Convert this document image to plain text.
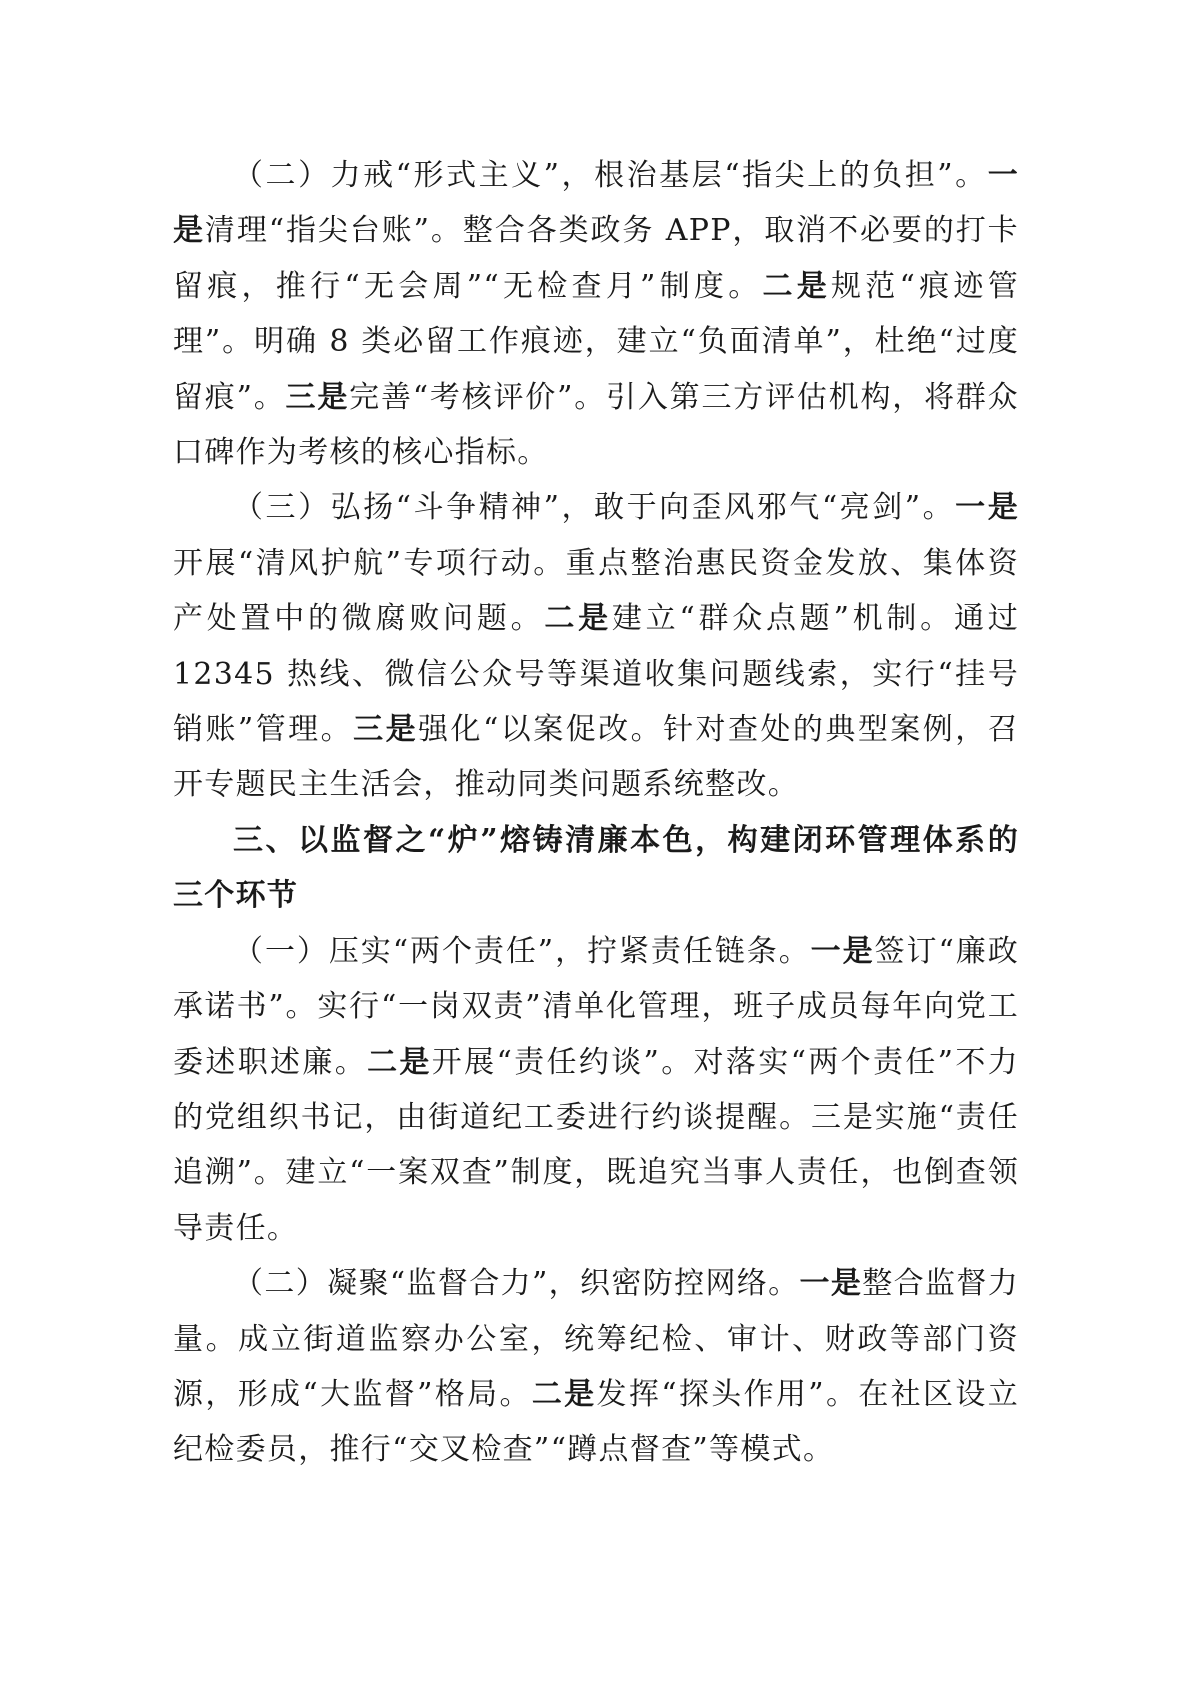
（二）力戒“形式主义”，根治基层“指尖上的负担”。一是清理“指尖台账”。整合各类政务 APP，取消不必要的打卡留痕，推行“无会周”“无检查月”制度。二是规范“痕迹管理”。明确 8 类必留工作痕迹，建立“负面清单”，杜绝“过度留痕”。三是完善“考核评价”。引入第三方评估机构，将群众口碑作为考核的核心指标。

（三）弘扬“斗争精神”，敢于向歪风邪气“亮剑”。一是开展“清风护航”专项行动。重点整治惠民资金发放、集体资产处置中的微腐败问题。二是建立“群众点题”机制。通过 12345 热线、微信公众号等渠道收集问题线索，实行“挂号销账”管理。三是强化“以案促改。针对查处的典型案例，召开专题民主生活会，推动同类问题系统整改。

三、以监督之“炉”熔铸清廉本色，构建闭环管理体系的三个环节

（一）压实“两个责任”，拧紧责任链条。一是签订“廉政承诺书”。实行“一岗双责”清单化管理，班子成员每年向党工委述职述廉。二是开展“责任约谈”。对落实“两个责任”不力的党组织书记，由街道纪工委进行约谈提醒。三是实施“责任追溯”。建立“一案双查”制度，既追究当事人责任，也倒查领导责任。

（二）凝聚“监督合力”，织密防控网络。一是整合监督力量。成立街道监察办公室，统筹纪检、审计、财政等部门资源，形成“大监督”格局。二是发挥“探头作用”。在社区设立纪检委员，推行“交叉检查”“蹲点督查”等模式。
